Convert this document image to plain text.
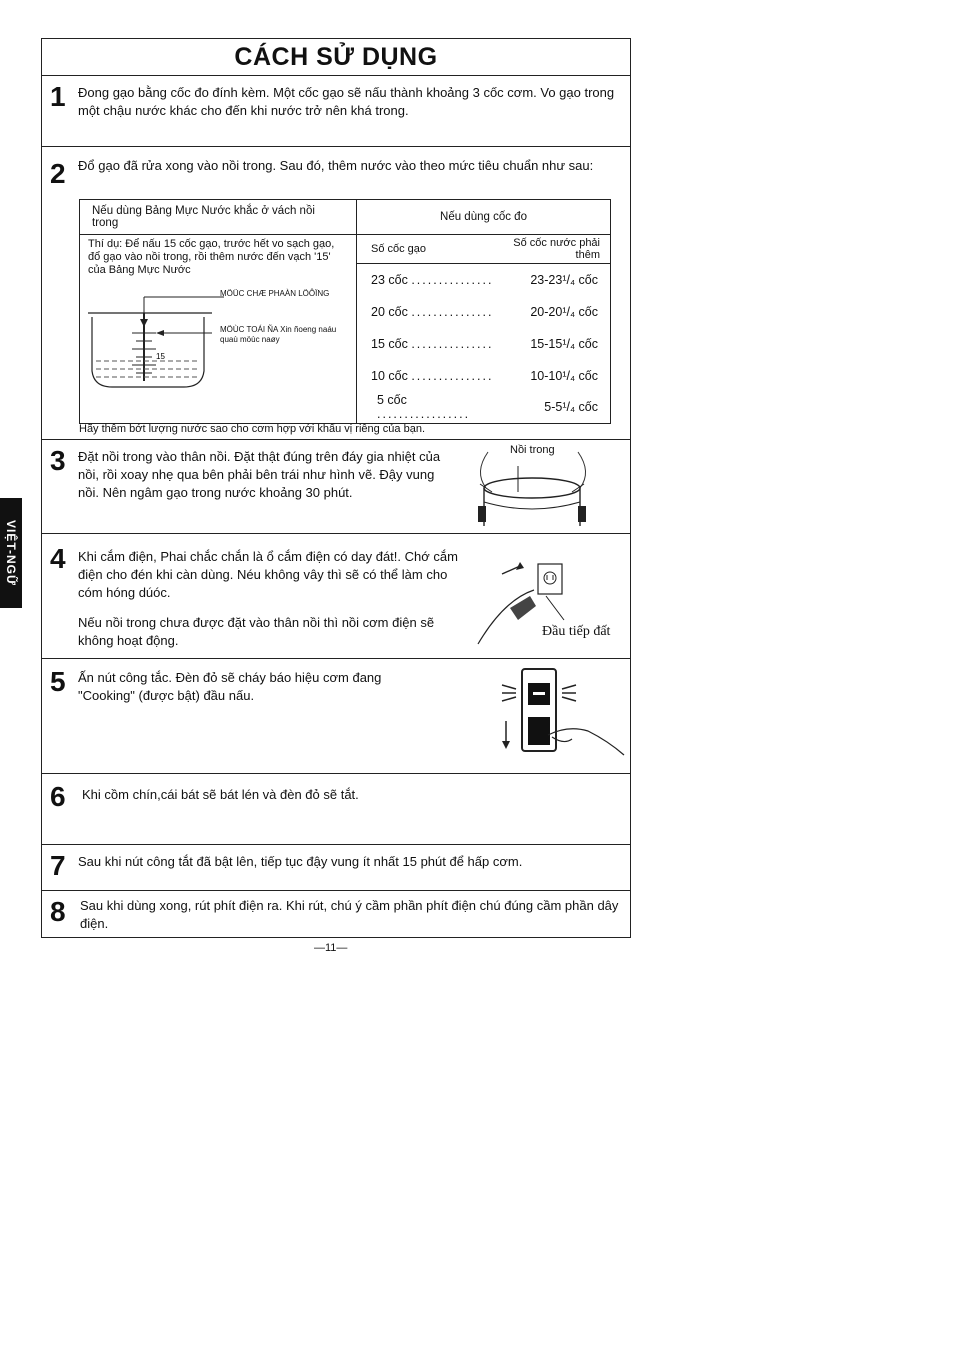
VIỆT-NGỮ
CÁCH SỬ DỤNG
1 Đong gạo bằng cốc đo đính kèm. Một cốc gạo sẽ nấu thành khoảng 3 cốc cơm. Vo gạo trong một chậu nước khác cho đến khi nước trở nên khá trong.
2 Đổ gạo đã rửa xong vào nồi trong. Sau đó, thêm nước vào theo mức tiêu chuẩn như sau:
Nếu dùng Bảng Mực Nước khắc ở vách nồi trong	Nếu dùng cốc đo	

Thí dụ: Để nấu 15 cốc gạo, trước hết vo sạch gạo, đổ gạo vào nồi trong, rồi thêm nước đến vạch '15' của Bảng Mực Nước
15
MÖÜC CHÆ PHAÀN LÖÔÏNG
MÖÙC TOÁI ÑA Xin ñoeng naáu quaù möùc naøy	Số cốc gạo	Số cốc nước phải thêm
	23 cốc ...............	23-23¹/₄ cốc
	20 cốc ...............	20-20¹/₄ cốc
	15 cốc ...............	15-15¹/₄ cốc
	10 cốc ...............	10-10¹/₄ cốc
	5 cốc .................	5-5¹/₄ cốc
Hãy thêm bớt lượng nước sao cho cơm hợp với khẩu vị riêng của bạn.
3 Đặt nồi trong vào thân nồi. Đặt thật đúng trên đáy gia nhiệt của nồi, rồi xoay nhẹ qua bên phải bên trái như hình vẽ. Đậy vung nồi. Nên ngâm gạo trong nước khoảng 30 phút.
Nồi trong
4 Khi cắm điện, Phai chắc chắn là ổ cắm điện có day đát!. Chớ cắm điện cho đén khi càn dùng. Néu không vây thì sẽ có thể làm cho cóm hóng dúóc.
Nếu nồi trong chưa được đặt vào thân nồi thì nồi cơm điện sẽ không hoạt động.
Đầu tiếp đất
5 Ấn nút công tắc. Đèn đỏ sẽ cháy báo hiệu cơm đang "Cooking" (được bật) đầu nấu.
6 Khi cồm chín,cái bát sẽ bát lén và đèn đỏ sẽ tắt.
7 Sau khi nút công tắt đã bật lên, tiếp tục đậy vung ít nhất 15 phút để hấp cơm.
8 Sau khi dùng xong, rút phít điện ra. Khi rút, chú ý cầm phần phít điện chú đúng cầm phần dây điện.
—11—
